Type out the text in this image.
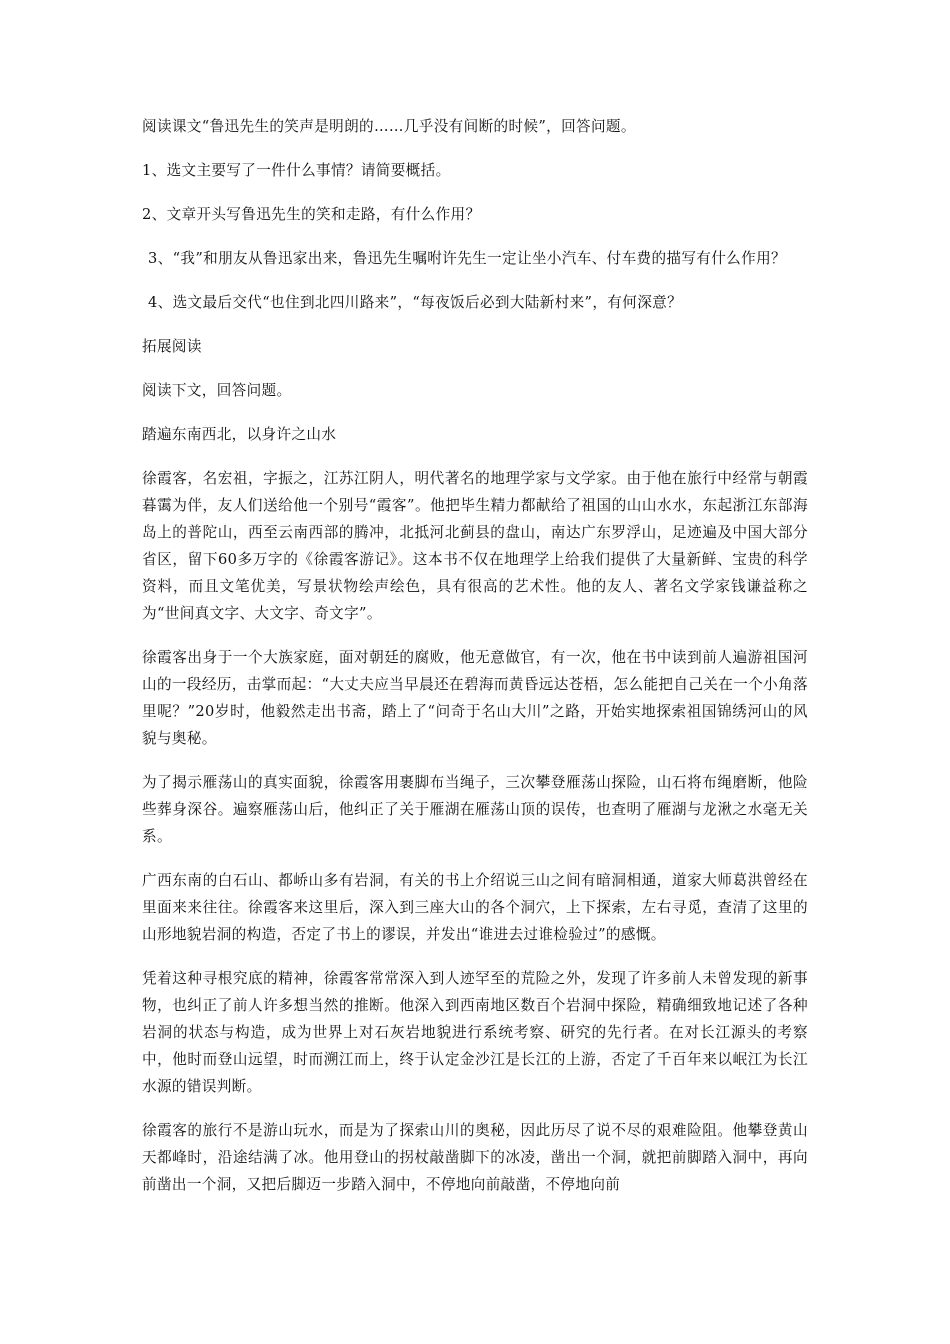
阅读课文“鲁迅先生的笑声是明朗的……几乎没有间断的时候”，回答问题。

1、选文主要写了一件什么事情？请简要概括。

2、文章开头写鲁迅先生的笑和走路，有什么作用？

3、“我”和朋友从鲁迅家出来，鲁迅先生嘱咐许先生一定让坐小汽车、付车费的描写有什么作用？

4、选文最后交代“也住到北四川路来”，“每夜饭后必到大陆新村来”，有何深意？

拓展阅读

阅读下文，回答问题。

踏遍东南西北，以身许之山水

徐霞客，名宏祖，字振之，江苏江阴人，明代著名的地理学家与文学家。由于他在旅行中经常与朝霞暮霭为伴，友人们送给他一个别号“霞客”。他把毕生精力都献给了祖国的山山水水，东起浙江东部海岛上的普陀山，西至云南西部的腾冲，北抵河北蓟县的盘山，南达广东罗浮山，足迹遍及中国大部分省区，留下60多万字的《徐霞客游记》。这本书不仅在地理学上给我们提供了大量新鲜、宝贵的科学资料，而且文笔优美，写景状物绘声绘色，具有很高的艺术性。他的友人、著名文学家钱谦益称之为“世间真文字、大文字、奇文字”。

徐霞客出身于一个大族家庭，面对朝廷的腐败，他无意做官，有一次，他在书中读到前人遍游祖国河山的一段经历，击掌而起：“大丈夫应当早晨还在碧海而黄昏远达苍梧，怎么能把自己关在一个小角落里呢？”20岁时，他毅然走出书斋，踏上了“问奇于名山大川”之路，开始实地探索祖国锦绣河山的风貌与奥秘。

为了揭示雁荡山的真实面貌，徐霞客用裹脚布当绳子，三次攀登雁荡山探险，山石将布绳磨断，他险些葬身深谷。遍察雁荡山后，他纠正了关于雁湖在雁荡山顶的误传，也查明了雁湖与龙湫之水毫无关系。

广西东南的白石山、都峤山多有岩洞，有关的书上介绍说三山之间有暗洞相通，道家大师葛洪曾经在里面来来往往。徐霞客来这里后，深入到三座大山的各个洞穴，上下探索，左右寻觅，查清了这里的山形地貌岩洞的构造，否定了书上的谬误，并发出“谁进去过谁检验过”的感慨。

凭着这种寻根究底的精神，徐霞客常常深入到人迹罕至的荒险之外，发现了许多前人未曾发现的新事物，也纠正了前人许多想当然的推断。他深入到西南地区数百个岩洞中探险，精确细致地记述了各种岩洞的状态与构造，成为世界上对石灰岩地貌进行系统考察、研究的先行者。在对长江源头的考察中，他时而登山远望，时而溯江而上，终于认定金沙江是长江的上游，否定了千百年来以岷江为长江水源的错误判断。

徐霞客的旅行不是游山玩水，而是为了探索山川的奥秘，因此历尽了说不尽的艰难险阻。他攀登黄山天都峰时，沿途结满了冰。他用登山的拐杖敲凿脚下的冰凌，凿出一个洞，就把前脚踏入洞中，再向前凿出一个洞，又把后脚迈一步踏入洞中，不停地向前敲凿，不停地向前
